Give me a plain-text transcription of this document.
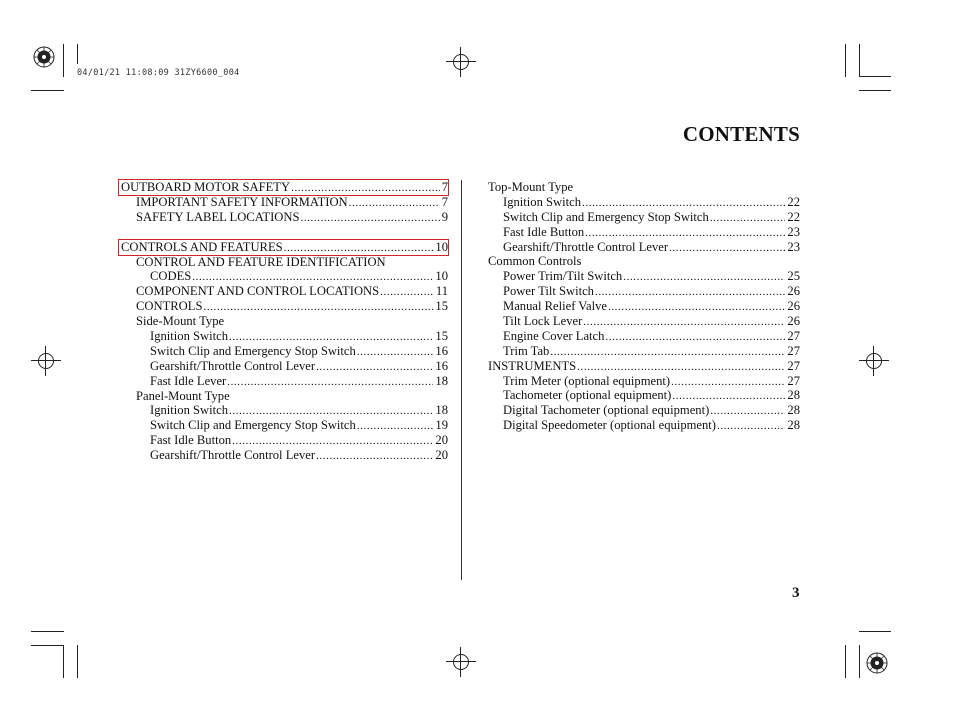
04/01/21 11:08:09 31ZY6600_004
CONTENTS
OUTBOARD MOTOR SAFETY .....	7
IMPORTANT SAFETY INFORMATION .....	7
SAFETY LABEL LOCATIONS .....	9
CONTROLS AND FEATURES .....	10
CONTROL AND FEATURE IDENTIFICATION
CODES .....	10
COMPONENT AND CONTROL LOCATIONS .....	11
CONTROLS .....	15
Side-Mount Type
Ignition Switch .....	15
Switch Clip and Emergency Stop Switch .....	16
Gearshift/Throttle Control Lever .....	16
Fast Idle Lever .....	18
Panel-Mount Type
Ignition Switch .....	18
Switch Clip and Emergency Stop Switch .....	19
Fast Idle Button .....	20
Gearshift/Throttle Control Lever .....	20
Top-Mount Type
Ignition Switch .....	22
Switch Clip and Emergency Stop Switch .....	22
Fast Idle Button .....	23
Gearshift/Throttle Control Lever .....	23
Common Controls
Power Trim/Tilt Switch .....	25
Power Tilt Switch .....	26
Manual Relief Valve .....	26
Tilt Lock Lever .....	26
Engine Cover Latch .....	27
Trim Tab .....	27
INSTRUMENTS .....	27
Trim Meter (optional equipment) .....	27
Tachometer (optional equipment) .....	28
Digital Tachometer (optional equipment) .....	28
Digital Speedometer (optional equipment) .....	28
3
